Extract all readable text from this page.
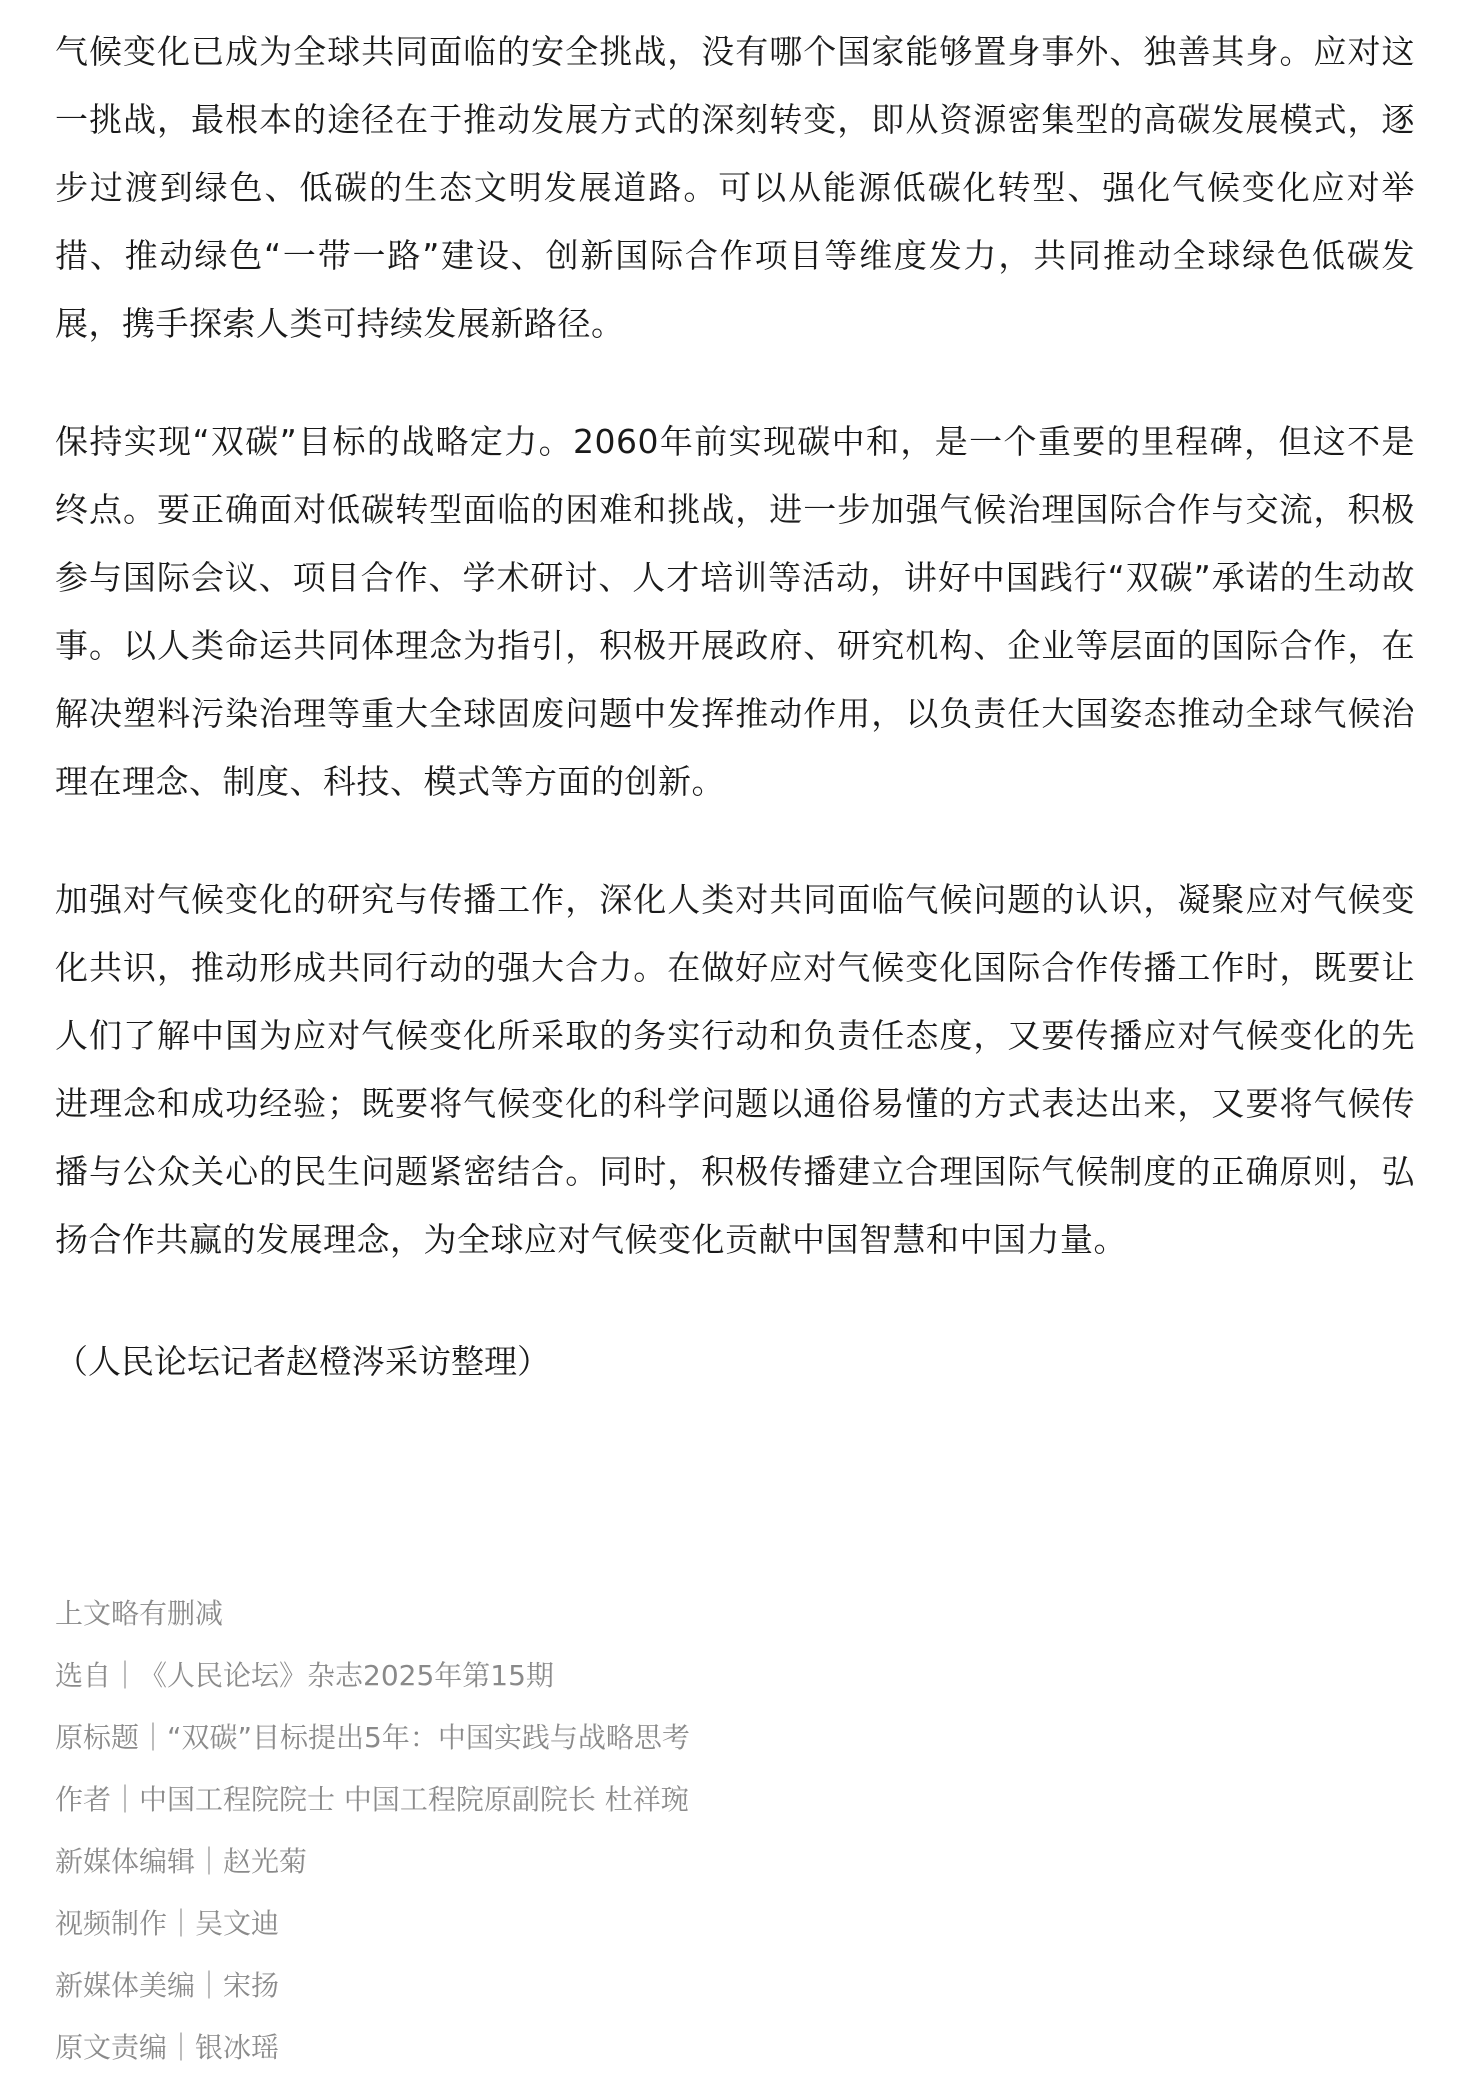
气候变化已成为全球共同面临的安全挑战，没有哪个国家能够置身事外、独善其身。应对这一挑战，最根本的途径在于推动发展方式的深刻转变，即从资源密集型的高碳发展模式，逐步过渡到绿色、低碳的生态文明发展道路。可以从能源低碳化转型、强化气候变化应对举措、推动绿色“一带一路”建设、创新国际合作项目等维度发力，共同推动全球绿色低碳发展，携手探索人类可持续发展新路径。

保持实现“双碳”目标的战略定力。2060年前实现碳中和，是一个重要的里程碑，但这不是终点。要正确面对低碳转型面临的困难和挑战，进一步加强气候治理国际合作与交流，积极参与国际会议、项目合作、学术研讨、人才培训等活动，讲好中国践行“双碳”承诺的生动故事。以人类命运共同体理念为指引，积极开展政府、研究机构、企业等层面的国际合作，在解决塑料污染治理等重大全球固废问题中发挥推动作用，以负责任大国姿态推动全球气候治理在理念、制度、科技、模式等方面的创新。

加强对气候变化的研究与传播工作，深化人类对共同面临气候问题的认识，凝聚应对气候变化共识，推动形成共同行动的强大合力。在做好应对气候变化国际合作传播工作时，既要让人们了解中国为应对气候变化所采取的务实行动和负责任态度，又要传播应对气候变化的先进理念和成功经验；既要将气候变化的科学问题以通俗易懂的方式表达出来，又要将气候传播与公众关心的民生问题紧密结合。同时，积极传播建立合理国际气候制度的正确原则，弘扬合作共赢的发展理念，为全球应对气候变化贡献中国智慧和中国力量。

（人民论坛记者赵橙涔采访整理）

上文略有删减
选自｜《人民论坛》杂志2025年第15期
原标题｜“双碳”目标提出5年：中国实践与战略思考
作者｜中国工程院院士 中国工程院原副院长 杜祥琬
新媒体编辑｜赵光菊
视频制作｜吴文迪
新媒体美编｜宋扬
原文责编｜银冰瑶
